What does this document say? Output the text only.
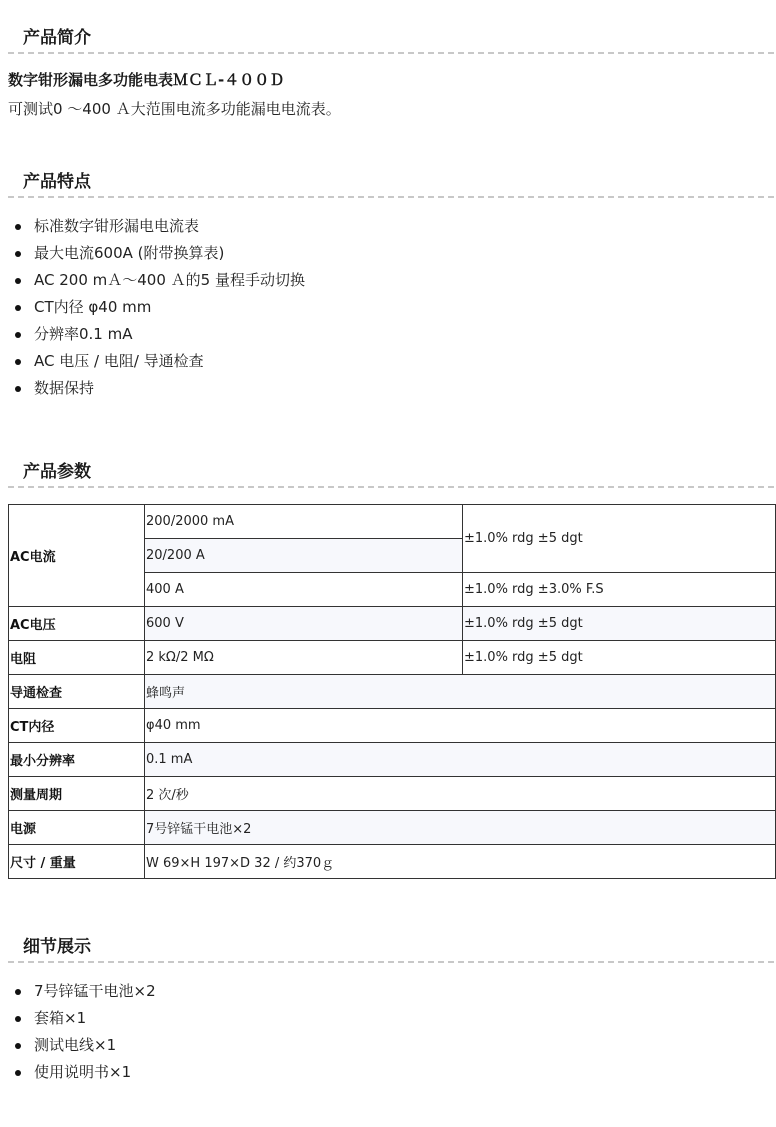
产品简介
数字钳形漏电多功能电表ＭＣＬ-４００Ｄ
可测试0 ～400 Ａ大范围电流多功能漏电电流表。
产品特点
标准数字钳形漏电电流表
最大电流600A (附带换算表)
AC 200 mＡ～400 Ａ的5 量程手动切换
CT内径 φ40 mm
分辨率0.1 mA
AC 电压 / 电阻/ 导通检查
数据保持
产品参数
AC电流	200/2000 mA	±1.0% rdg ±5 dgt
	20/200 A	
	400 A	±1.0% rdg ±3.0% F.S
AC电压	600 V	±1.0% rdg ±5 dgt
电阻	2 kΩ/2 MΩ	±1.0% rdg ±5 dgt
导通检查	蜂鸣声	
CT内径	φ40 mm	
最小分辨率	0.1 mA	
测量周期	2 次/秒	
电源	7号锌锰干电池×2	
尺寸 / 重量	W 69×H 197×D 32 / 约370ｇ	
细节展示
7号锌锰干电池×2
套箱×1
测试电线×1
使用说明书×1
